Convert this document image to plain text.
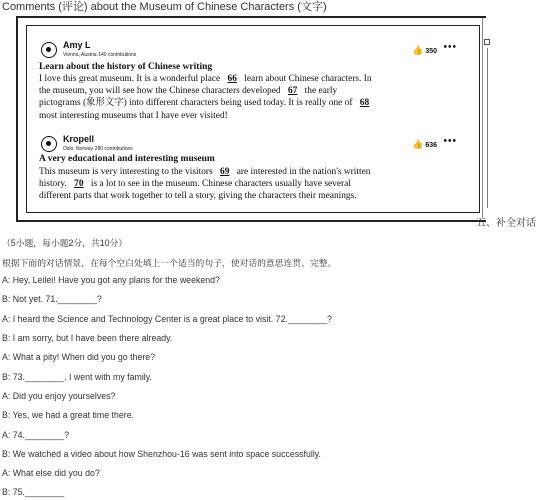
Comments (评论) about the Museum of Chinese Characters (文字)
Amy L
Vienna, Austria·140 contributions	👍 350 •••
Learn about the history of Chinese writing
I love this great museum. It is a wonderful place 66 learn about Chinese characters. In
the museum, you will see how the Chinese characters developed 67 the early
pictograms (象形文字) into different characters being used today. It is really one of 68
most interesting museums that I have ever visited!
Kropell
Oslo, Norway·280 contributions	👍 636 •••
A very educational and interesting museum
This museum is very interesting to the visitors 69 are interested in the nation's written
history. 70 is a lot to see in the museum. Chinese characters usually have several
different parts that work together to tell a story, giving the characters their meanings.
五、补全对话
（5小题，每小题2分，共10分）
根据下面的对话情景，在每个空白处填上一个适当的句子，使对话的意思连贯、完整。
A: Hey, Leilei! Have you got any plans for the weekend?
B: Not yet. 71.________?
A: I heard the Science and Technology Center is a great place to visit. 72.________?
B: I am sorry, but I have been there already.
A: What a pity! When did you go there?
B: 73.________. I went with my family.
A: Did you enjoy yourselves?
B: Yes, we had a great time there.
A: 74.________?
B: We watched a video about how Shenzhou-16 was sent into space successfully.
A: What else did you do?
B: 75.________
